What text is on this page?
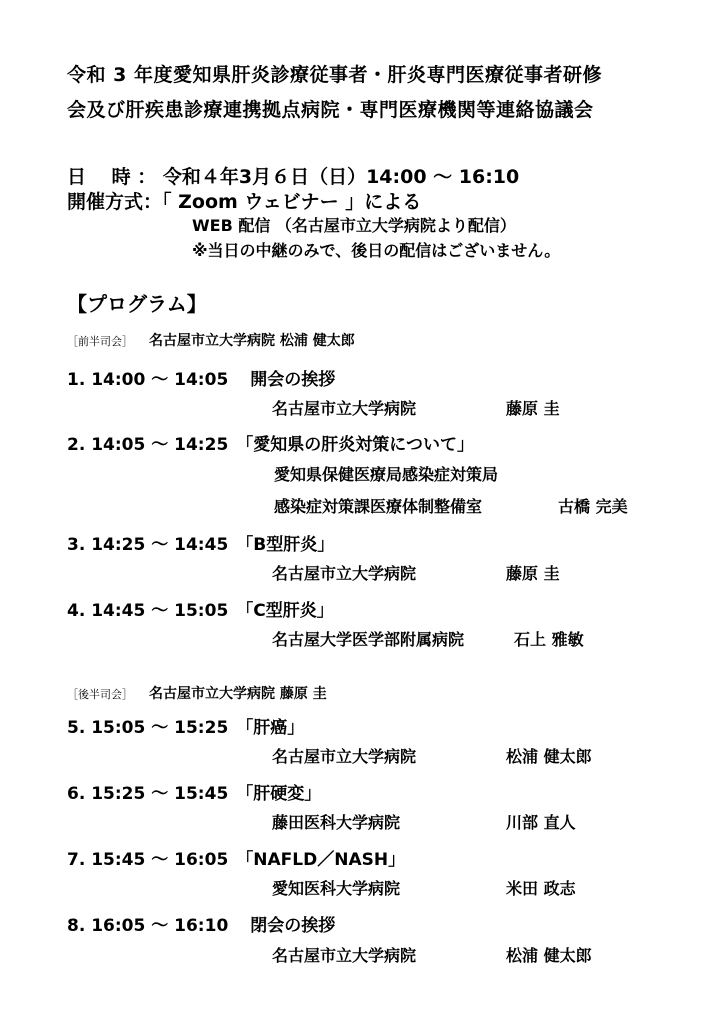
令和 3 年度愛知県肝炎診療従事者・肝炎専門医療従事者研修
会及び肝疾患診療連携拠点病院・専門医療機関等連絡協議会
日　 時 ： 令和４年3月６日（日）14:00 ～ 16:10
開催方式：「 Zoom ウェビナー 」による
WEB 配信 （名古屋市立大学病院より配信）
※当日の中継のみで、後日の配信はございません。
【プログラム】
［前半司会］ 名古屋市立大学病院 松浦 健太郎
1. 14:00 ～ 14:05 開会の挨拶
名古屋市立大学病院	藤原 圭
2. 14:05 ～ 14:25 「愛知県の肝炎対策について」
愛知県保健医療局感染症対策局
感染症対策課医療体制整備室	古橋 完美
3. 14:25 ～ 14:45 「B型肝炎」
名古屋市立大学病院	藤原 圭
4. 14:45 ～ 15:05 「C型肝炎」
名古屋大学医学部附属病院	石上 雅敏
［後半司会］ 名古屋市立大学病院 藤原 圭
5. 15:05 ～ 15:25 「肝癌」
名古屋市立大学病院	松浦 健太郎
6. 15:25 ～ 15:45 「肝硬変」
藤田医科大学病院	川部 直人
7. 15:45 ～ 16:05 「NAFLD／NASH」
愛知医科大学病院	米田 政志
8. 16:05 ～ 16:10 閉会の挨拶
名古屋市立大学病院	松浦 健太郎
